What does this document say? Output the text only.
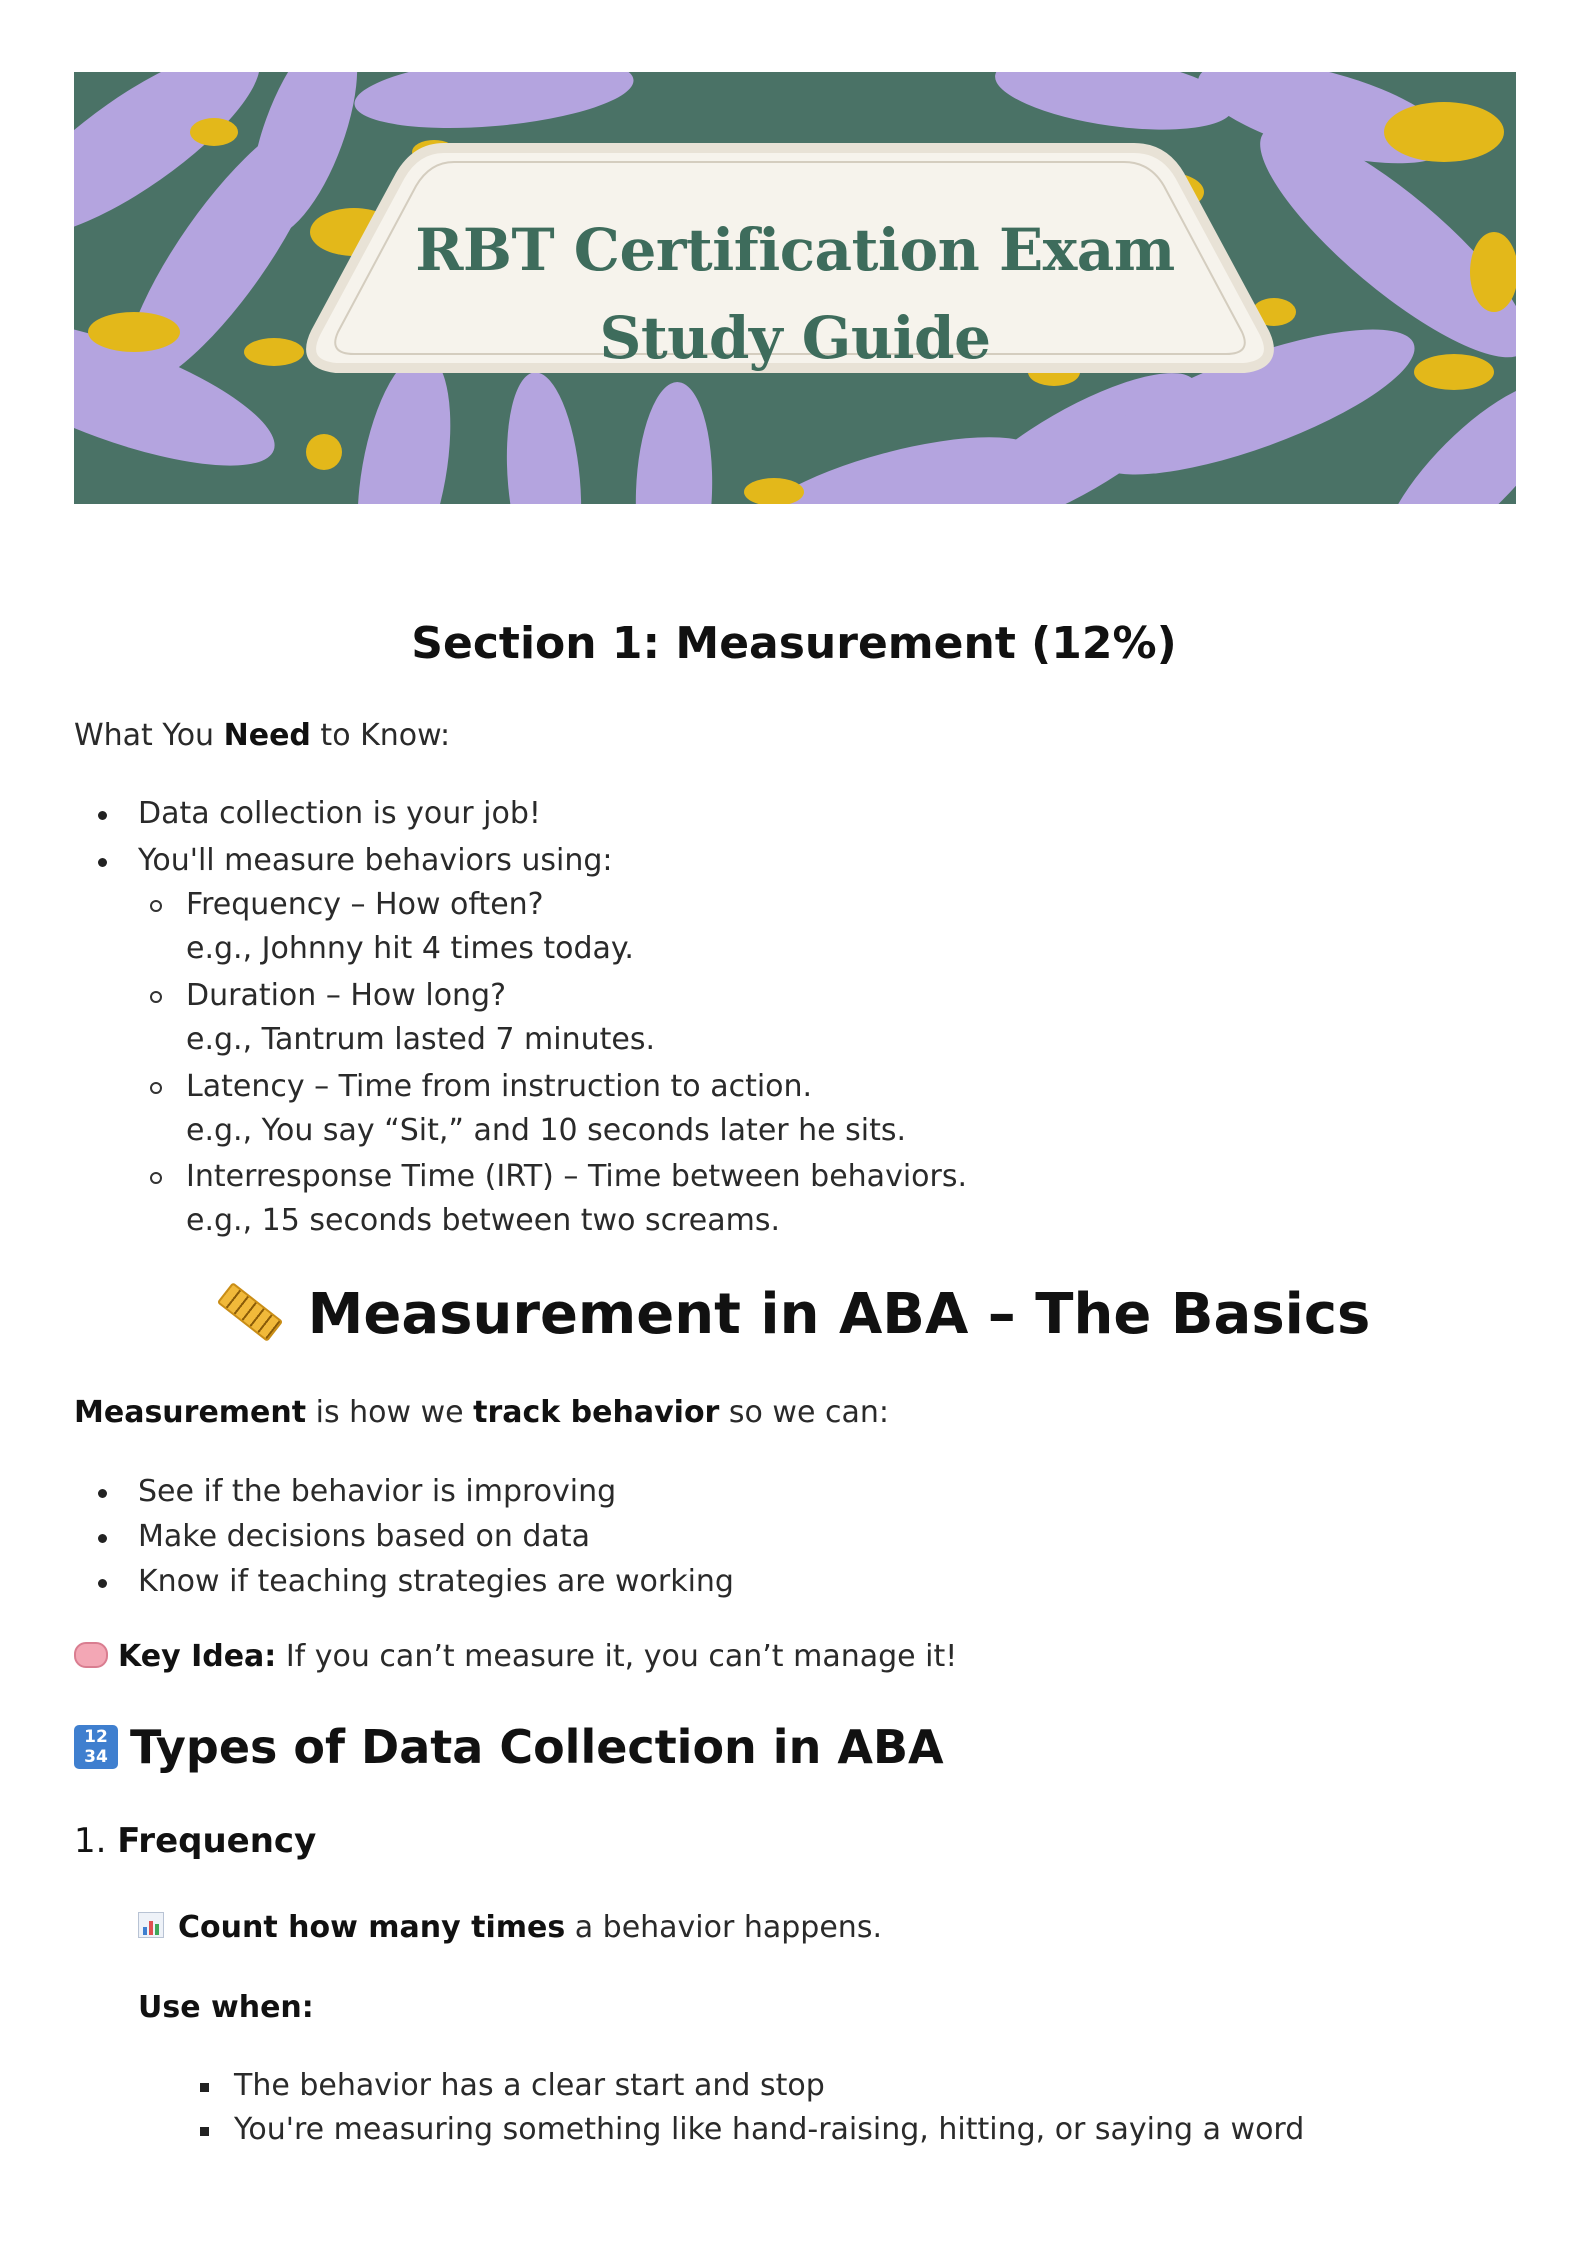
RBT Certification Exam
Study Guide
Section 1: Measurement (12%)
What You Need to Know:
Data collection is your job!
You'll measure behaviors using:
Frequency – How often?
e.g., Johnny hit 4 times today.
Duration – How long?
e.g., Tantrum lasted 7 minutes.
Latency – Time from instruction to action.
e.g., You say “Sit,” and 10 seconds later he sits.
Interresponse Time (IRT) – Time between behaviors.
e.g., 15 seconds between two screams.
Measurement in ABA – The Basics
Measurement is how we track behavior so we can:
See if the behavior is improving
Make decisions based on data
Know if teaching strategies are working
Key Idea: If you can’t measure it, you can’t manage it!
12 34 Types of Data Collection in ABA
1. Frequency
Count how many times a behavior happens.
Use when:
The behavior has a clear start and stop
You're measuring something like hand-raising, hitting, or saying a word
